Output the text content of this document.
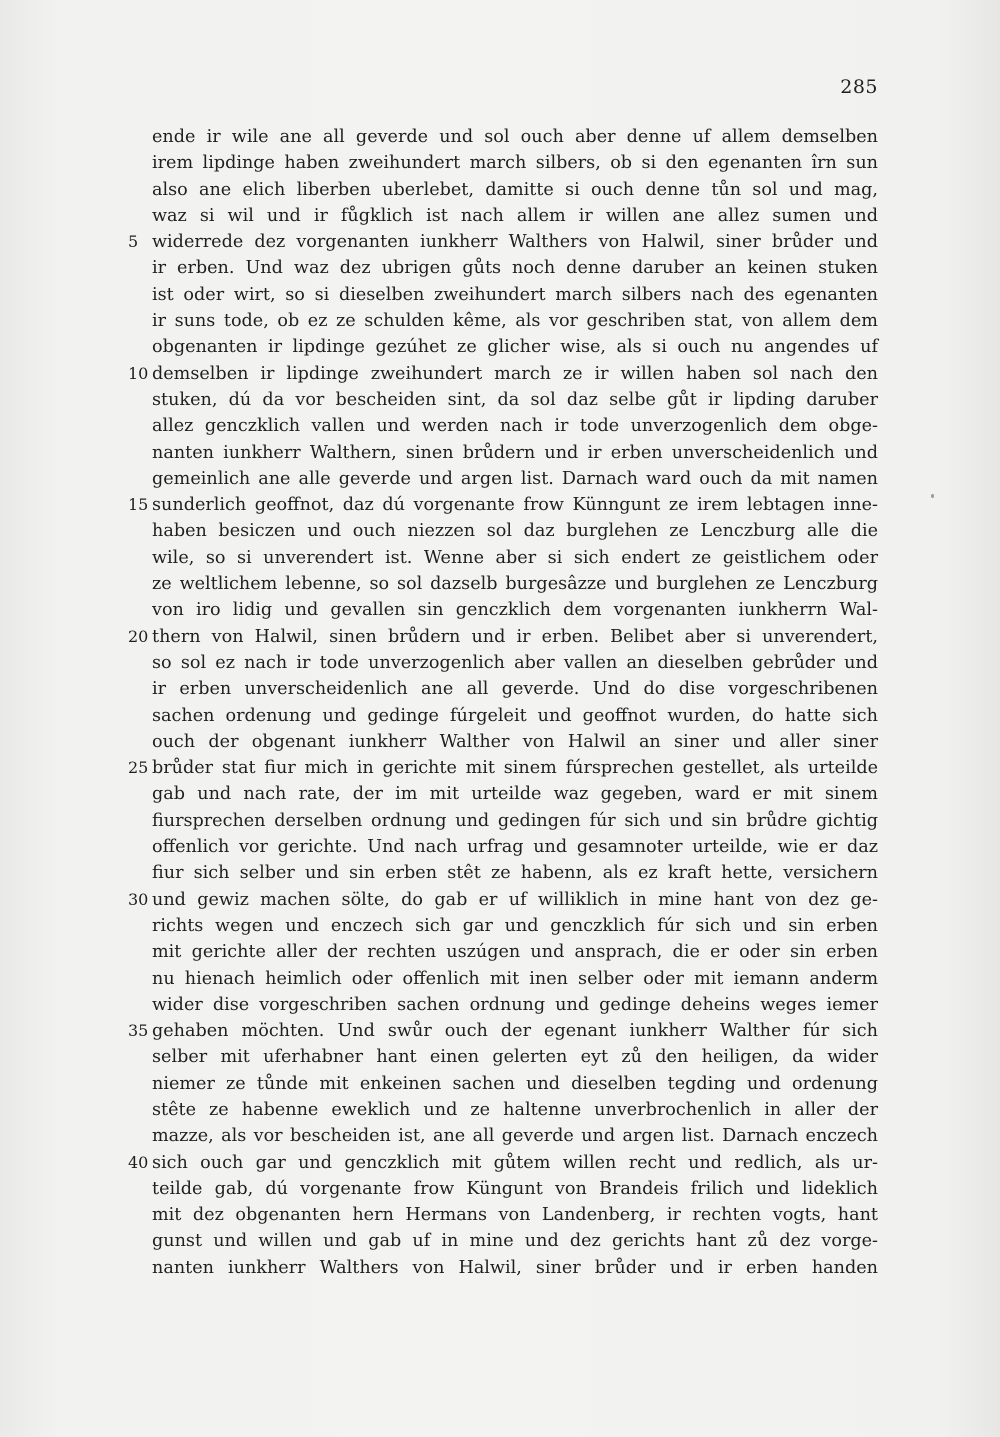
285
ende ir wile ane all geverde und sol ouch aber denne uf allem demselben
irem lipdinge haben zweihundert march silbers, ob si den egenanten îrn sun
also ane elich liberben uberlebet, damitte si ouch denne tůn sol und mag,
waz si wil und ir fůgklich ist nach allem ir willen ane allez sumen und
5 widerrede dez vorgenanten iunkherr Walthers von Halwil, siner brůder und
ir erben. Und waz dez ubrigen gůts noch denne daruber an keinen stuken
ist oder wirt, so si dieselben zweihundert march silbers nach des egenanten
ir suns tode, ob ez ze schulden kême, als vor geschriben stat, von allem dem
obgenanten ir lipdinge gezúhet ze glicher wise, als si ouch nu angendes uf
10 demselben ir lipdinge zweihundert march ze ir willen haben sol nach den
stuken, dú da vor bescheiden sint, da sol daz selbe gůt ir lipding daruber
allez genczklich vallen und werden nach ir tode unverzogenlich dem obge-
nanten iunkherr Walthern, sinen brůdern und ir erben unverscheidenlich und
gemeinlich ane alle geverde und argen list. Darnach ward ouch da mit namen
15 sunderlich geoffnot, daz dú vorgenante frow Künngunt ze irem lebtagen inne-
haben besiczen und ouch niezzen sol daz burglehen ze Lenczburg alle die
wile, so si unverendert ist. Wenne aber si sich endert ze geistlichem oder
ze weltlichem lebenne, so sol dazselb burgesâzze und burglehen ze Lenczburg
von iro lidig und gevallen sin genczklich dem vorgenanten iunkherrn Wal-
20 thern von Halwil, sinen brůdern und ir erben. Belibet aber si unverendert,
so sol ez nach ir tode unverzogenlich aber vallen an dieselben gebrůder und
ir erben unverscheidenlich ane all geverde. Und do dise vorgeschribenen
sachen ordenung und gedinge fúrgeleit und geoffnot wurden, do hatte sich
ouch der obgenant iunkherr Walther von Halwil an siner und aller siner
25 brůder stat fiur mich in gerichte mit sinem fúrsprechen gestellet, als urteilde
gab und nach rate, der im mit urteilde waz gegeben, ward er mit sinem
fiursprechen derselben ordnung und gedingen fúr sich und sin brůdre gichtig
offenlich vor gerichte. Und nach urfrag und gesamnoter urteilde, wie er daz
fiur sich selber und sin erben stêt ze habenn, als ez kraft hette, versichern
30 und gewiz machen sölte, do gab er uf williklich in mine hant von dez ge-
richts wegen und enczech sich gar und genczklich fúr sich und sin erben
mit gerichte aller der rechten uszúgen und ansprach, die er oder sin erben
nu hienach heimlich oder offenlich mit inen selber oder mit iemann anderm
wider dise vorgeschriben sachen ordnung und gedinge deheins weges iemer
35 gehaben möchten. Und swůr ouch der egenant iunkherr Walther fúr sich
selber mit uferhabner hant einen gelerten eyt zů den heiligen, da wider
niemer ze tůnde mit enkeinen sachen und dieselben tegding und ordenung
stête ze habenne eweklich und ze haltenne unverbrochenlich in aller der
mazze, als vor bescheiden ist, ane all geverde und argen list. Darnach enczech
40 sich ouch gar und genczklich mit gůtem willen recht und redlich, als ur-
teilde gab, dú vorgenante frow Küngunt von Brandeis frilich und lideklich
mit dez obgenanten hern Hermans von Landenberg, ir rechten vogts, hant
gunst und willen und gab uf in mine und dez gerichts hant zů dez vorge-
nanten iunkherr Walthers von Halwil, siner brůder und ir erben handen
